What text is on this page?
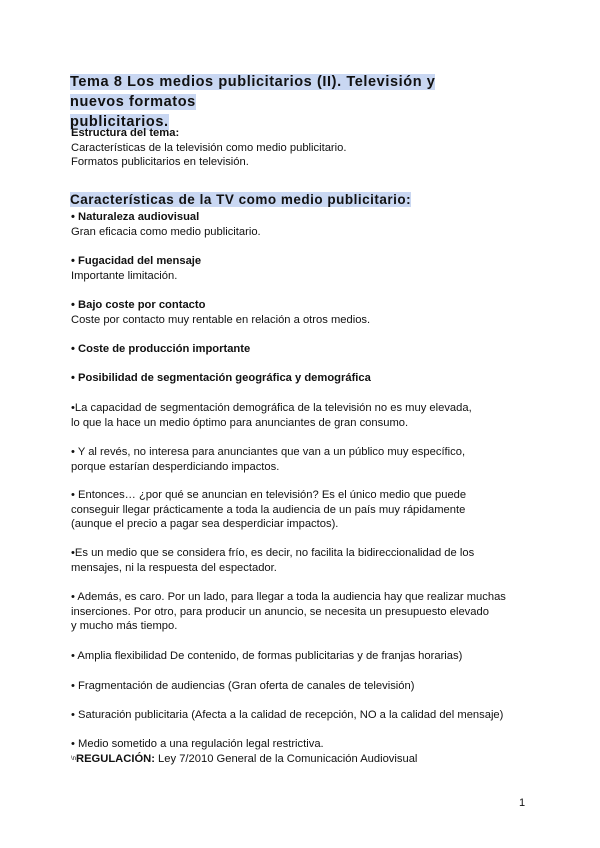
Tema 8 Los medios publicitarios (II). Televisión y nuevos formatos
publicitarios.
Estructura del tema:
Características de la televisión como medio publicitario.
Formatos publicitarios en televisión.
Características de la TV como medio publicitario:
• Naturaleza audiovisual
Gran eficacia como medio publicitario.
• Fugacidad del mensaje
Importante limitación.
• Bajo coste por contacto
Coste por contacto muy rentable en relación a otros medios.
• Coste de producción importante
• Posibilidad de segmentación geográfica y demográfica
•La capacidad de segmentación demográfica de la televisión no es muy elevada,
lo que la hace un medio óptimo para anunciantes de gran consumo.
• Y al revés, no interesa para anunciantes que van a un público muy específico,
porque estarían desperdiciando impactos.
• Entonces… ¿por qué se anuncian en televisión? Es el único medio que puede
conseguir llegar prácticamente a toda la audiencia de un país muy rápidamente
(aunque el precio a pagar sea desperdiciar impactos).
•Es un medio que se considera frío, es decir, no facilita la bidireccionalidad de los
mensajes, ni la respuesta del espectador.
• Además, es caro. Por un lado, para llegar a toda la audiencia hay que realizar muchas
inserciones. Por otro, para producir un anuncio, se necesita un presupuesto elevado
y mucho más tiempo.
• Amplia flexibilidad De contenido, de formas publicitarias y de franjas horarias)
• Fragmentación de audiencias (Gran oferta de canales de televisión)
• Saturación publicitaria (Afecta a la calidad de recepción, NO a la calidad del mensaje)
• Medio sometido a una regulación legal restrictiva.
$^{\backslash n}$REGULACIÓN: Ley 7/2010 General de la Comunicación Audiovisual
1
